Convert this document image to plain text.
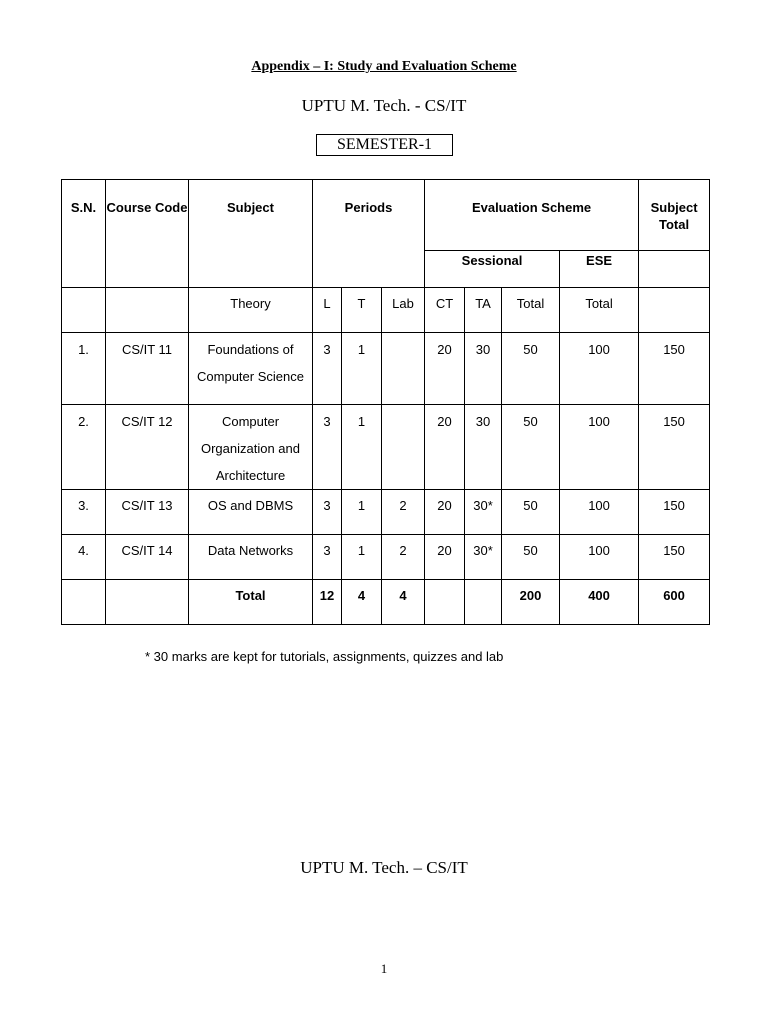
Appendix – I: Study and Evaluation Scheme
UPTU M. Tech. - CS/IT
SEMESTER-1
S.N.	Course Code	Subject	Periods			Evaluation Scheme				Subject Total

						Sessional			ESE	

		Theory	L	T	Lab	CT	TA	Total	Total	

1.	CS/IT 11	Foundations of Computer Science	3	1		20	30	50	100	150

2.	CS/IT 12	Computer Organization and Architecture	3	1		20	30	50	100	150

3.	CS/IT 13	OS and DBMS	3	1	2	20	30*	50	100	150

4.	CS/IT 14	Data Networks	3	1	2	20	30*	50	100	150

		Total	12	4	4			200	400	600
* 30 marks are kept for tutorials, assignments, quizzes and lab
UPTU M. Tech. – CS/IT
1
